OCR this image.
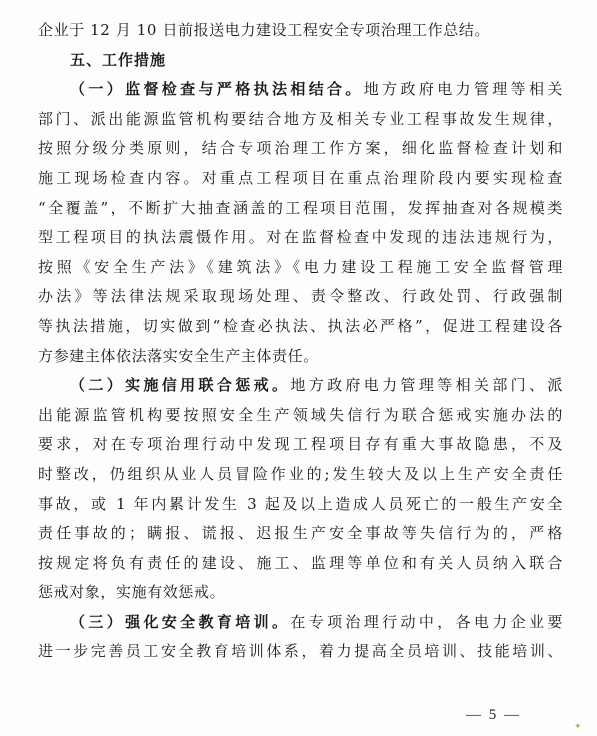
企业于 12 月 10 日前报送电力建设工程安全专项治理工作总结。
五、工作措施
（一）监督检查与严格执法相结合。地方政府电力管理等相关
部门、派出能源监管机构要结合地方及相关专业工程事故发生规律，
按照分级分类原则，结合专项治理工作方案，细化监督检查计划和
施工现场检查内容。对重点工程项目在重点治理阶段内要实现检查
“全覆盖”，不断扩大抽查涵盖的工程项目范围，发挥抽查对各规模类
型工程项目的执法震慑作用。对在监督检查中发现的违法违规行为，
按照《安全生产法》《建筑法》《电力建设工程施工安全监督管理
办法》等法律法规采取现场处理、责令整改、行政处罚、行政强制
等执法措施，切实做到“检查必执法、执法必严格”，促进工程建设各
方参建主体依法落实安全生产主体责任。
（二）实施信用联合惩戒。地方政府电力管理等相关部门、派
出能源监管机构要按照安全生产领域失信行为联合惩戒实施办法的
要求，对在专项治理行动中发现工程项目存有重大事故隐患，不及
时整改，仍组织从业人员冒险作业的;发生较大及以上生产安全责任
事故，或 1 年内累计发生 3 起及以上造成人员死亡的一般生产安全
责任事故的；瞒报、谎报、迟报生产安全事故等失信行为的，严格
按规定将负有责任的建设、施工、监理等单位和有关人员纳入联合
惩戒对象，实施有效惩戒。
（三）强化安全教育培训。在专项治理行动中，各电力企业要
进一步完善员工安全教育培训体系，着力提高全员培训、技能培训、
— 5 —
✦
